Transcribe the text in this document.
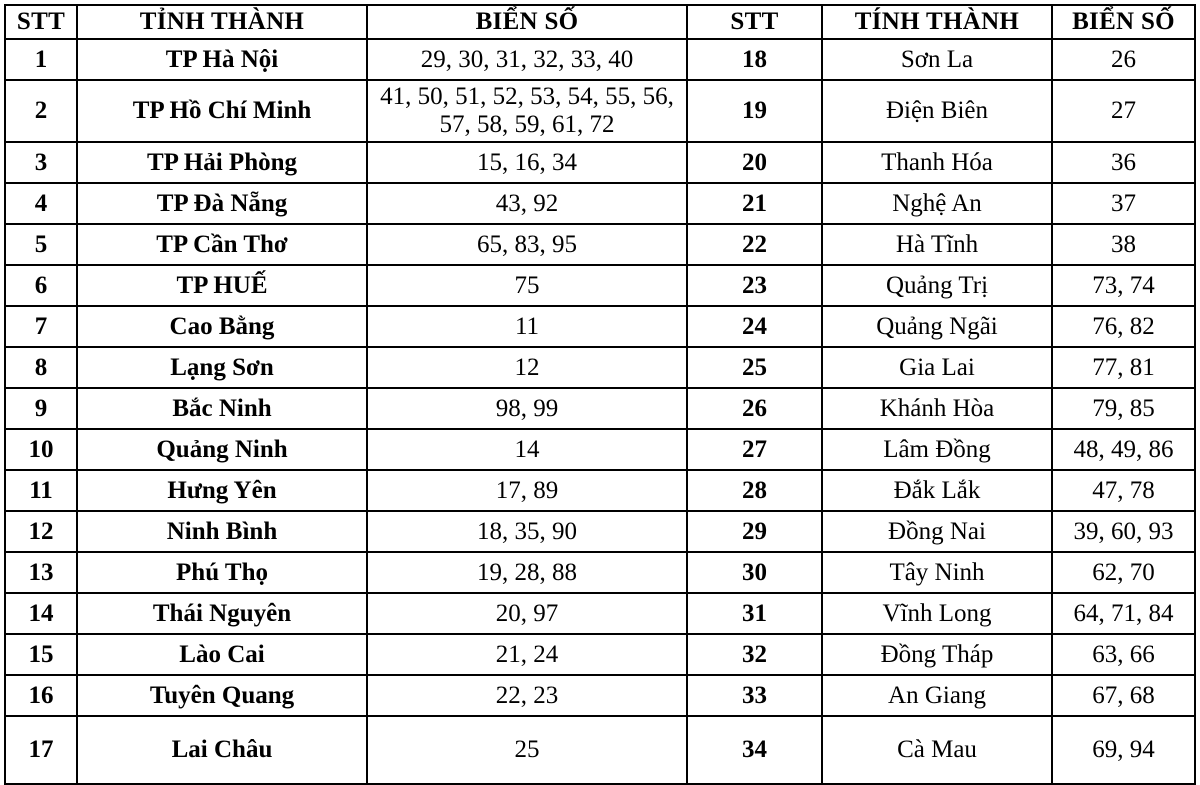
STT	TỈNH THÀNH	BIỂN SỐ	STT	TÍNH THÀNH	BIỂN SỐ
1	TP Hà Nội	29, 30, 31, 32, 33, 40	18	Sơn La	26
2	TP Hồ Chí Minh	41, 50, 51, 52, 53, 54, 55, 56, 57, 58, 59, 61, 72	19	Điện Biên	27
3	TP Hải Phòng	15, 16, 34	20	Thanh Hóa	36
4	TP Đà Nẵng	43, 92	21	Nghệ An	37
5	TP Cần Thơ	65, 83, 95	22	Hà Tĩnh	38
6	TP HUẾ	75	23	Quảng Trị	73, 74
7	Cao Bằng	11	24	Quảng Ngãi	76, 82
8	Lạng Sơn	12	25	Gia Lai	77, 81
9	Bắc Ninh	98, 99	26	Khánh Hòa	79, 85
10	Quảng Ninh	14	27	Lâm Đồng	48, 49, 86
11	Hưng Yên	17, 89	28	Đắk Lắk	47, 78
12	Ninh Bình	18, 35, 90	29	Đồng Nai	39, 60, 93
13	Phú Thọ	19, 28, 88	30	Tây Ninh	62, 70
14	Thái Nguyên	20, 97	31	Vĩnh Long	64, 71, 84
15	Lào Cai	21, 24	32	Đồng Tháp	63, 66
16	Tuyên Quang	22, 23	33	An Giang	67, 68
17	Lai Châu	25	34	Cà Mau	69, 94
